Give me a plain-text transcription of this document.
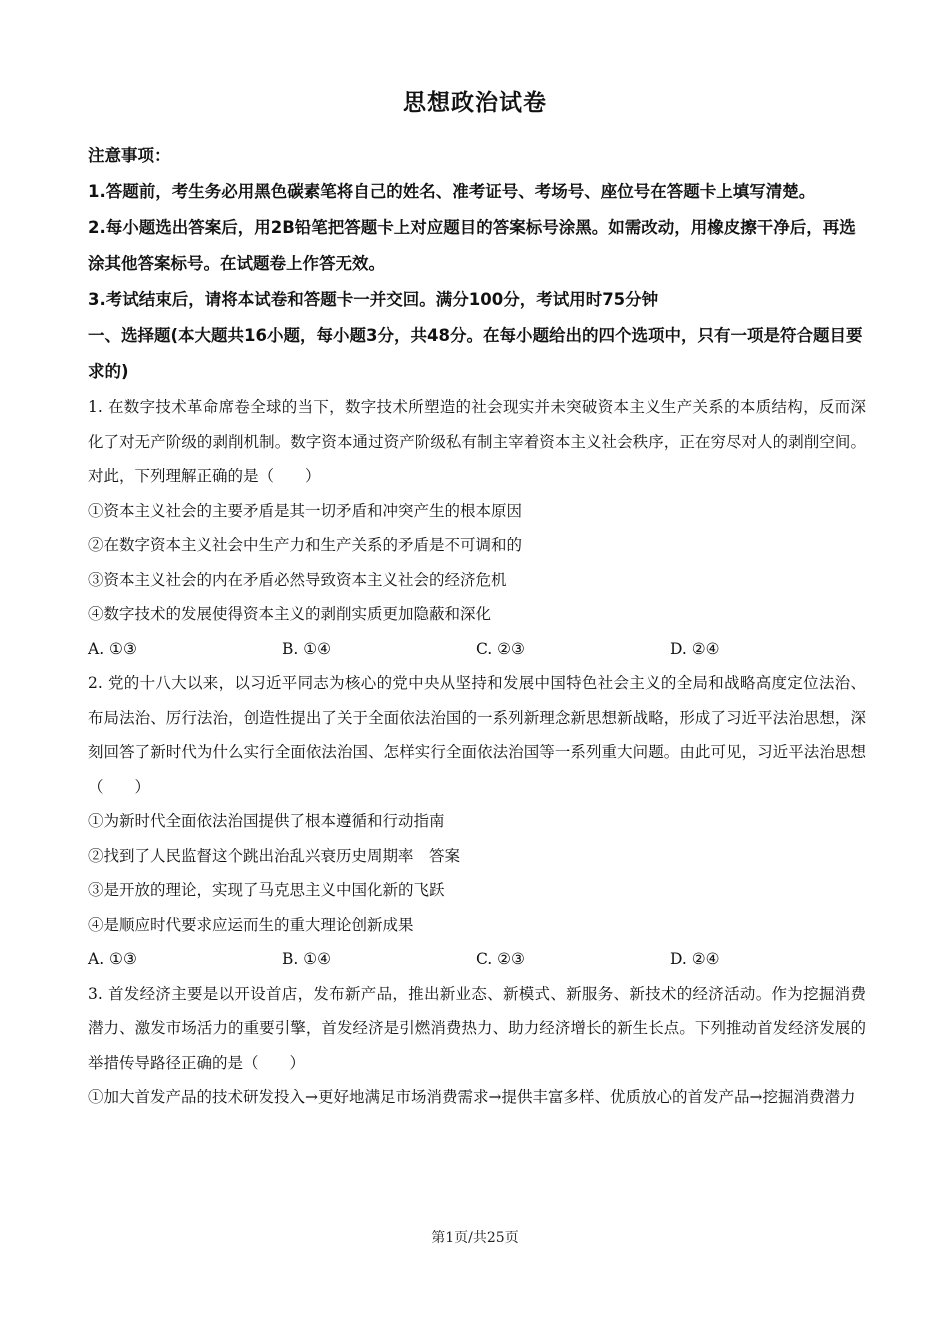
思想政治试卷

注意事项：

1.答题前，考生务必用黑色碳素笔将自己的姓名、准考证号、考场号、座位号在答题卡上填写清楚。

2.每小题选出答案后，用2B铅笔把答题卡上对应题目的答案标号涂黑。如需改动，用橡皮擦干净后，再选涂其他答案标号。在试题卷上作答无效。

3.考试结束后，请将本试卷和答题卡一并交回。满分100分，考试用时75分钟

一、选择题(本大题共16小题，每小题3分，共48分。在每小题给出的四个选项中，只有一项是符合题目要求的)

1. 在数字技术革命席卷全球的当下，数字技术所塑造的社会现实并未突破资本主义生产关系的本质结构，反而深化了对无产阶级的剥削机制。数字资本通过资产阶级私有制主宰着资本主义社会秩序，正在穷尽对人的剥削空间。对此，下列理解正确的是（　　）

①资本主义社会的主要矛盾是其一切矛盾和冲突产生的根本原因

②在数字资本主义社会中生产力和生产关系的矛盾是不可调和的

③资本主义社会的内在矛盾必然导致资本主义社会的经济危机

④数字技术的发展使得资本主义的剥削实质更加隐蔽和深化

A. ①③	B. ①④	C. ②③	D. ②④

2. 党的十八大以来，以习近平同志为核心的党中央从坚持和发展中国特色社会主义的全局和战略高度定位法治、布局法治、厉行法治，创造性提出了关于全面依法治国的一系列新理念新思想新战略，形成了习近平法治思想，深刻回答了新时代为什么实行全面依法治国、怎样实行全面依法治国等一系列重大问题。由此可见，习近平法治思想（　　）

①为新时代全面依法治国提供了根本遵循和行动指南

②找到了人民监督这个跳出治乱兴衰历史周期率　答案

③是开放的理论，实现了马克思主义中国化新的飞跃

④是顺应时代要求应运而生的重大理论创新成果

A. ①③	B. ①④	C. ②③	D. ②④

3. 首发经济主要是以开设首店，发布新产品，推出新业态、新模式、新服务、新技术的经济活动。作为挖掘消费潜力、激发市场活力的重要引擎，首发经济是引燃消费热力、助力经济增长的新生长点。下列推动首发经济发展的举措传导路径正确的是（　　）

①加大首发产品的技术研发投入→更好地满足市场消费需求→提供丰富多样、优质放心的首发产品→挖掘消费潜力

第1页/共25页
